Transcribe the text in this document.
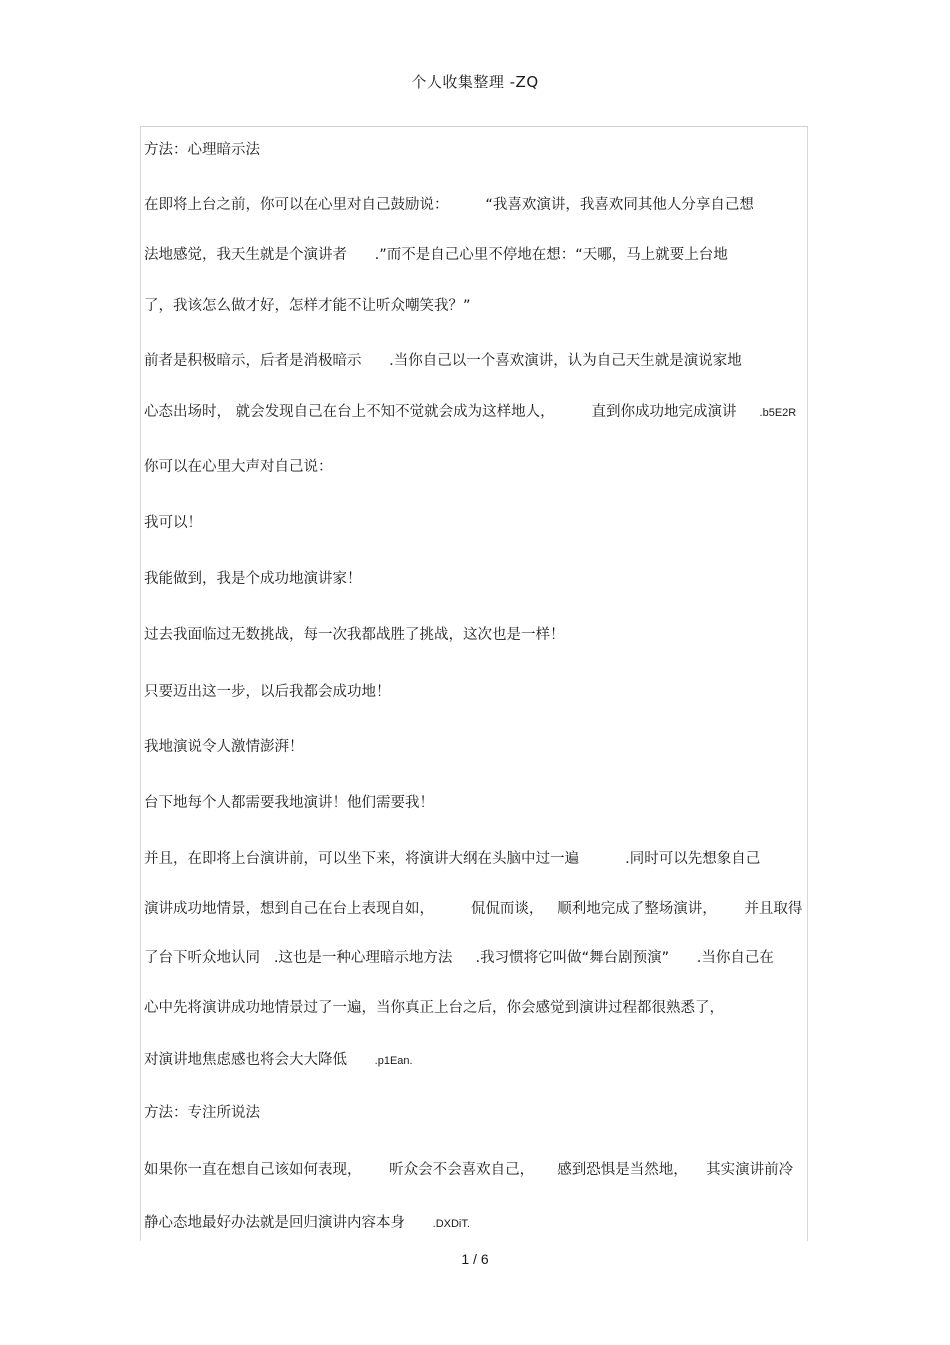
个人收集整理 -ZQ
方法：心理暗示法
在即将上台之前，你可以在心里对自己鼓励说：        “我喜欢演讲，我喜欢同其他人分享自己想
法地感觉，我天生就是个演讲者      .”而不是自己心里不停地在想：“天哪，马上就要上台地
了，我该怎么做才好，怎样才能不让听众嘲笑我？”
前者是积极暗示，后者是消极暗示      .当你自己以一个喜欢演讲，认为自己天生就是演说家地
心态出场时， 就会发现自己在台上不知不觉就会成为这样地人，        直到你成功地完成演讲     .b5E2R
你可以在心里大声对自己说：
我可以！
我能做到，我是个成功地演讲家！
过去我面临过无数挑战，每一次我都战胜了挑战，这次也是一样！
只要迈出这一步，以后我都会成功地！
我地演说令人激情澎湃！
台下地每个人都需要我地演讲！他们需要我！
并且，在即将上台演讲前，可以坐下来，将演讲大纲在头脑中过一遍          .同时可以先想象自己
演讲成功地情景，想到自己在台上表现自如，        侃侃而谈，   顺利地完成了整场演讲，      并且取得
了台下听众地认同   .这也是一种心理暗示地方法     .我习惯将它叫做“舞台剧预演”      .当你自己在
心中先将演讲成功地情景过了一遍，当你真正上台之后，你会感觉到演讲过程都很熟悉了，
对演讲地焦虑感也将会大大降低      .p1Ean.
方法：专注所说法
如果你一直在想自己该如何表现，      听众会不会喜欢自己，     感到恐惧是当然地，    其实演讲前冷
静心态地最好办法就是回归演讲内容本身      .DXDiT.
1 / 6
